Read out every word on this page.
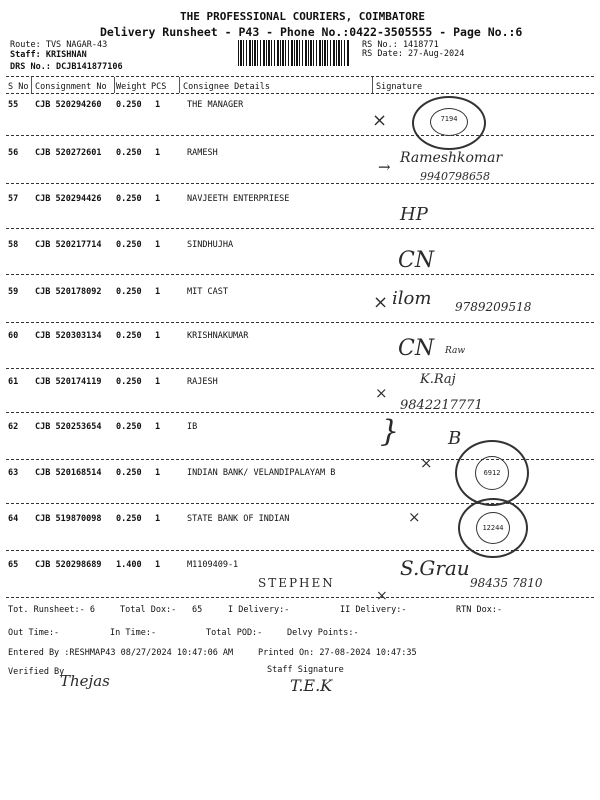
THE PROFESSIONAL COURIERS, COIMBATORE
Delivery Runsheet - P43 - Phone No.:0422-3505555 - Page No.:6
Route: TVS NAGAR-43
Staff: KRISHNAN
DRS No.: DCJB141877106
RS No.: 1418771
RS Date: 27-Aug-2024
S No Consignment No Weight PCS Consignee Details	Signature
55 CJB 520294260 0.250 1	THE MANAGER
56 CJB 520272601 0.250 1	RAMESH
57 CJB 520294426 0.250 1	NAVJEETH ENTERPRIESE
58 CJB 520217714 0.250 1	SINDHUJHA
59 CJB 520178092 0.250 1	MIT CAST
60 CJB 520303134 0.250 1	KRISHNAKUMAR
61 CJB 520174119 0.250 1	RAJESH
62 CJB 520253654 0.250 1	IB
63 CJB 520168514 0.250 1	INDIAN BANK/ VELANDIPALAYAM B
64 CJB 519870098 0.250 1	STATE BANK OF INDIAN
65 CJB 520298689 1.400 1	M1109409-1
7194
×
→ Rameshkomar
9940798658
HP
CN
× ilom 9789209518
CN Raw
K.Raj
×
9842217771
}	B
×
6912
12244
×
STEPHEN
S.Grau
98435 7810
×
Tot. Runsheet:- 6	Total Dox:- 65	I Delivery:-	II Delivery:-	RTN Dox:-
Out Time:-	In Time:-	Total POD:-	Delvy Points:-
Entered By :RESHMAP43 08/27/2024 10:47:06 AM	Printed On: 27-08-2024 10:47:35
Verified By
Thejas
Staff Signature
T.E.K
